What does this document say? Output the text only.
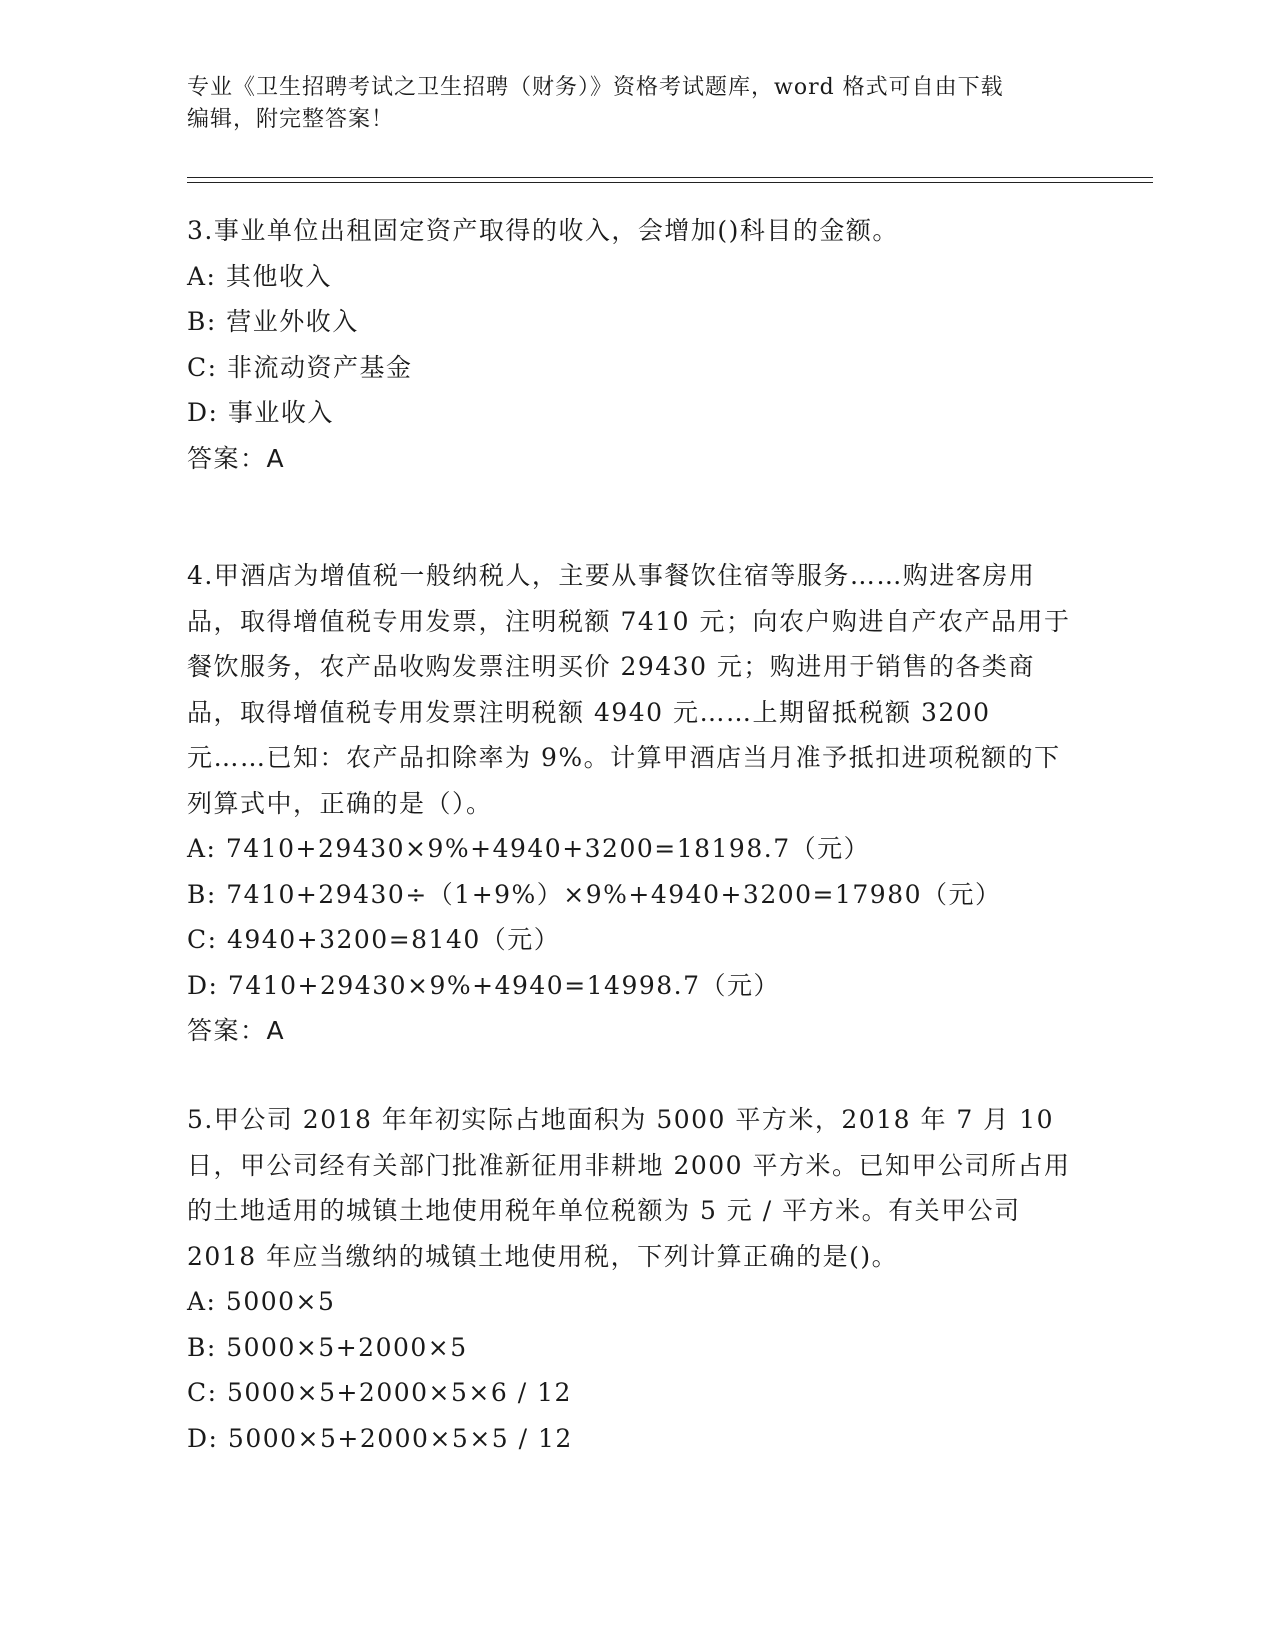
专业《卫生招聘考试之卫生招聘（财务）》资格考试题库，word 格式可自由下载
编辑，附完整答案！

3.事业单位出租固定资产取得的收入，会增加()科目的金额。

A: 其他收入

B: 营业外收入

C: 非流动资产基金

D: 事业收入

答案：A

4.甲酒店为增值税一般纳税人，主要从事餐饮住宿等服务……购进客房用品，取得增值税专用发票，注明税额 7410 元；向农户购进自产农产品用于餐饮服务，农产品收购发票注明买价 29430 元；购进用于销售的各类商品，取得增值税专用发票注明税额 4940 元……上期留抵税额 3200 元……已知：农产品扣除率为 9%。计算甲酒店当月准予抵扣进项税额的下列算式中，正确的是（）。

A: 7410+29430×9%+4940+3200=18198.7（元）

B: 7410+29430÷（1+9%）×9%+4940+3200=17980（元）

C: 4940+3200=8140（元）

D: 7410+29430×9%+4940=14998.7（元）

答案：A

5.甲公司 2018 年年初实际占地面积为 5000 平方米，2018 年 7 月 10 日，甲公司经有关部门批准新征用非耕地 2000 平方米。已知甲公司所占用的土地适用的城镇土地使用税年单位税额为 5 元 / 平方米。有关甲公司 2018 年应当缴纳的城镇土地使用税，下列计算正确的是()。

A: 5000×5

B: 5000×5+2000×5

C: 5000×5+2000×5×6 / 12

D: 5000×5+2000×5×5 / 12
